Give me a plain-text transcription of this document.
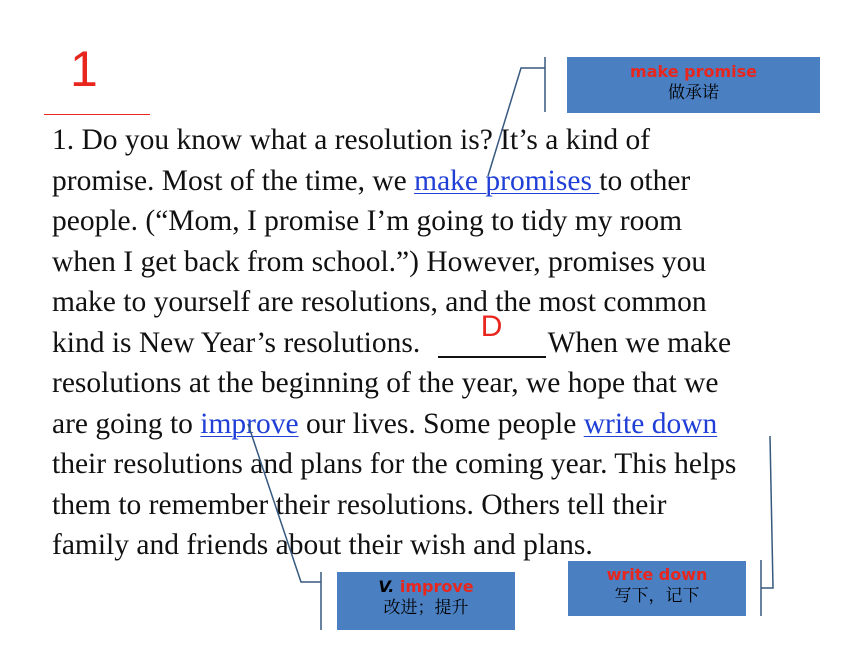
1
1. Do you know what a resolution is? It’s a kind of
promise. Most of the time, we make promises to other
people. (“Mom, I promise I’m going to tidy my room
when I get back from school.”) However, promises you
make to yourself are resolutions, and the most common
kind is New Year’s resolutions.	D	When we make
resolutions at the beginning of the year, we hope that we
are going to improve our lives. Some people write down
their resolutions and plans for the coming year. This helps
them to remember their resolutions. Others tell their
family and friends about their wish and plans.
make promise
做承诺
V. improve
改进；提升
write down
写下，记下
